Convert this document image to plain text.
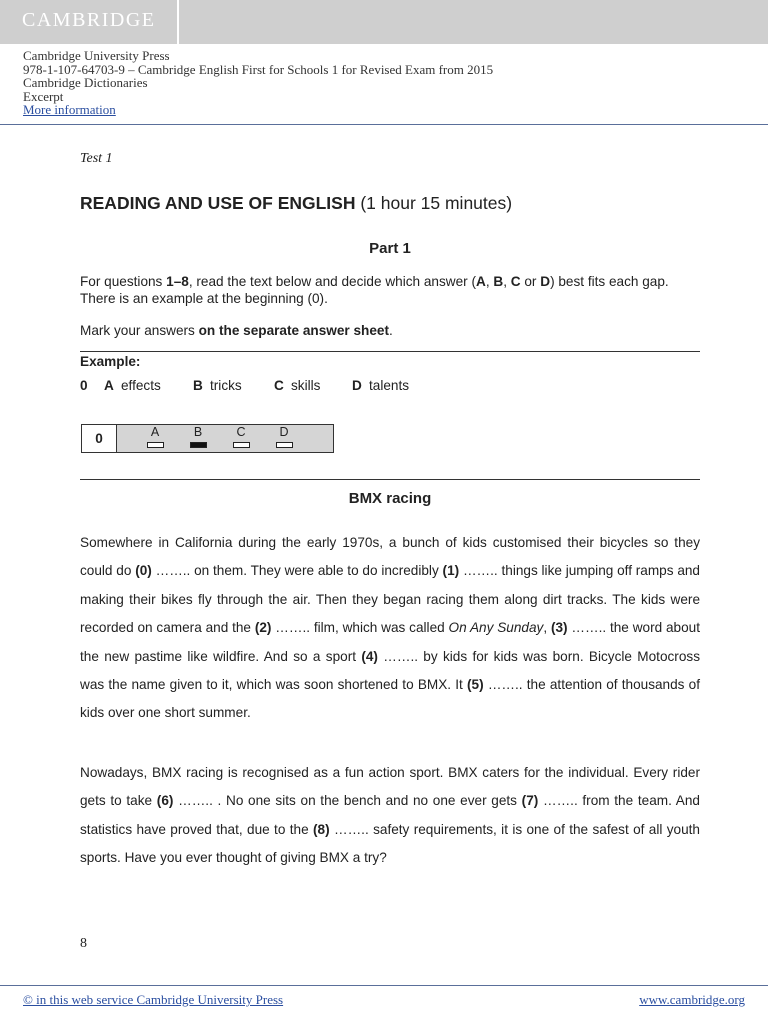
CAMBRIDGE
Cambridge University Press
978-1-107-64703-9 – Cambridge English First for Schools 1 for Revised Exam from 2015
Cambridge Dictionaries
Excerpt
More information
Test 1
READING AND USE OF ENGLISH (1 hour 15 minutes)
Part 1
For questions 1–8, read the text below and decide which answer (A, B, C or D) best fits each gap.
There is an example at the beginning (0).
Mark your answers on the separate answer sheet.
Example:
0 A effects B tricks C skills D talents
0	A	B	C	D
BMX racing
Somewhere in California during the early 1970s, a bunch of kids customised their bicycles so they could do (0) …….. on them. They were able to do incredibly (1) …….. things like jumping off ramps and making their bikes fly through the air. Then they began racing them along dirt tracks. The kids were recorded on camera and the (2) …….. film, which was called On Any Sunday, (3) …….. the word about the new pastime like wildfire. And so a sport (4) …….. by kids for kids was born. Bicycle Motocross was the name given to it, which was soon shortened to BMX. It (5) …….. the attention of thousands of kids over one short summer.
Nowadays, BMX racing is recognised as a fun action sport. BMX caters for the individual. Every rider gets to take (6) …….. . No one sits on the bench and no one ever gets (7) …….. from the team. And statistics have proved that, due to the (8) …….. safety requirements, it is one of the safest of all youth sports. Have you ever thought of giving BMX a try?
8
© in this web service Cambridge University Press	www.cambridge.org
